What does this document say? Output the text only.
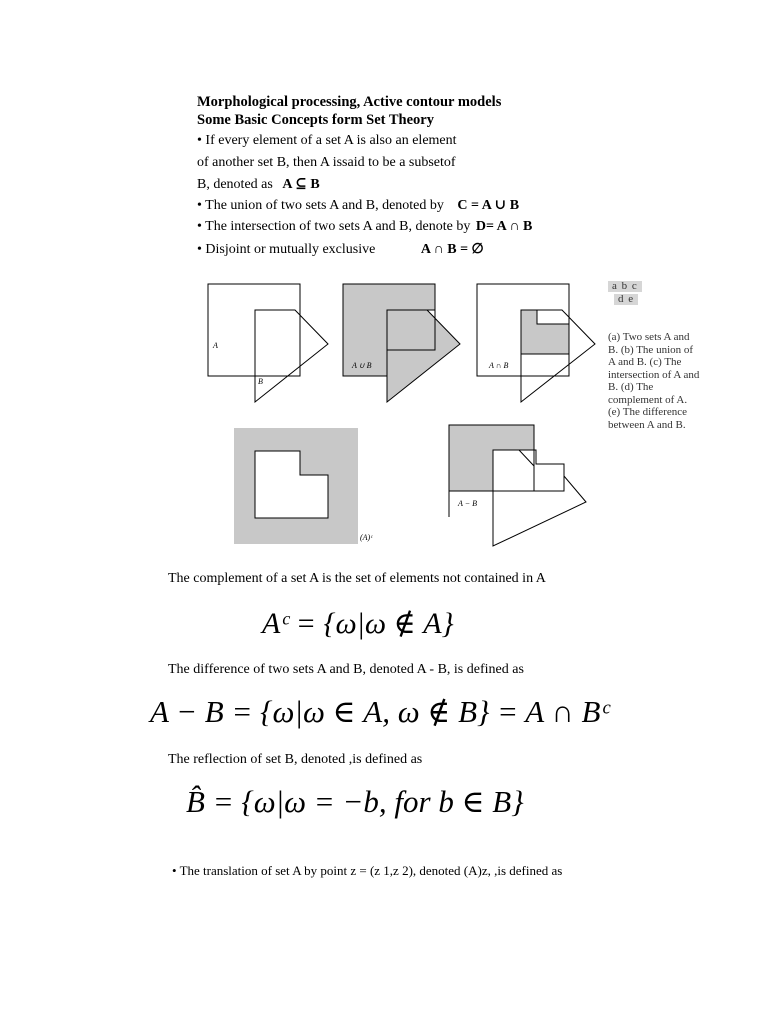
Morphological processing, Active contour models
Some Basic Concepts form Set Theory
• If every element of a set A is also an element
of another set B, then A issaid to be a subsetof
B, denoted as A ⊆ B
• The union of two sets A and B, denoted by C = A ∪ B
• The intersection of two sets A and B, denote by D= A ∩ B
• Disjoint or mutually exclusive	A ∩ B = ∅
A
B
A ∪ B	A ∩ B
(A)ᶜ
A − B
a b c
d e
(a) Two sets A and B. (b) The union of A and B. (c) The intersection of A and B. (d) The complement of A. (e) The difference between A and B.
The complement of a set A is the set of elements not contained in A
Aᶜ = {ω|ω ∉ A}
The difference of two sets A and B, denoted A - B, is defined as
A − B = {ω|ω ∈ A, ω ∉ B} = A ∩ Bᶜ
The reflection of set B, denoted ,is defined as
B̂ = {ω|ω = −b, for b ∈ B}
• The translation of set A by point z = (z 1,z 2), denoted (A)z, ,is defined as
